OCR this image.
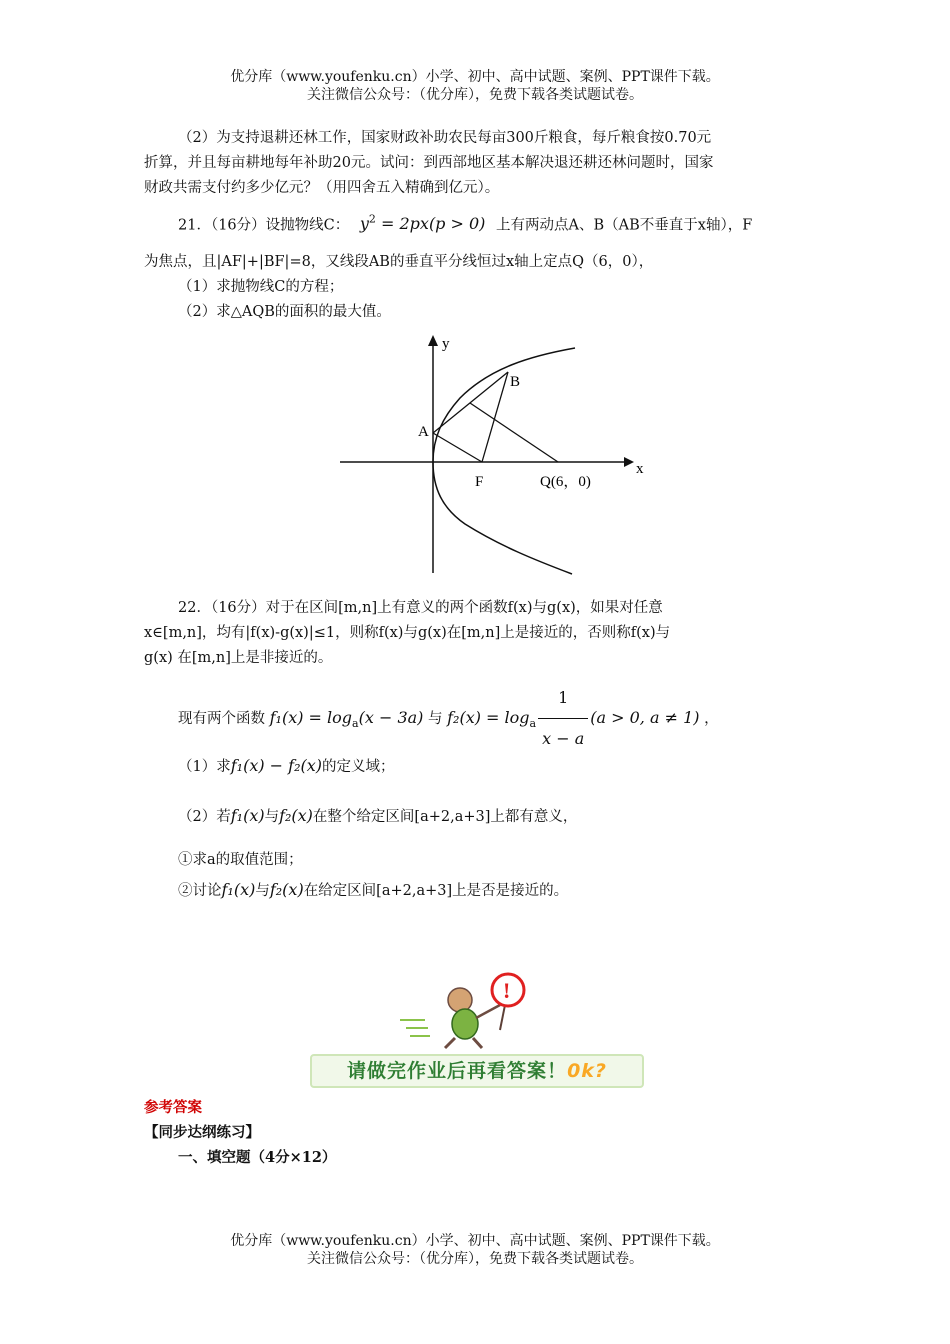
优分库（www.youfenku.cn）小学、初中、高中试题、案例、PPT课件下载。
关注微信公众号：（优分库），免费下载各类试题试卷。
（2）为支持退耕还林工作，国家财政补助农民每亩300斤粮食，每斤粮食按0.70元
折算，并且每亩耕地每年补助20元。试问：到西部地区基本解决退还耕还林问题时，国家
财政共需支付约多少亿元？（用四舍五入精确到亿元）。
21．（16分）设抛物线C： $y^2 = 2px(p > 0)$ 上有两动点A、B（AB不垂直于x轴），F
为焦点，且|AF|+|BF|=8，又线段AB的垂直平分线恒过x轴上定点Q（6，0），
（1）求抛物线C的方程；
（2）求△AQB的面积的最大值。
y
x
A
B
F	Q(6，0)
22．（16分）对于在区间[m,n]上有意义的两个函数f(x)与g(x)，如果对任意
x∈[m,n]，均有|f(x)-g(x)|≤1，则称f(x)与g(x)在[m,n]上是接近的，否则称f(x)与
g(x) 在[m,n]上是非接近的。
现有两个函数 $f_1(x) = \log_a(x - 3a)$ 与 $f_2(x) = \log_a \frac{1}{x - a} (a > 0$, a ≠ 1) ，
（1）求f₁(x) − f₂(x)的定义域；
（2）若f₁(x)与f₂(x)在整个给定区间[a+2,a+3]上都有意义，
①求a的取值范围；
②讨论f₁(x)与f₂(x)在给定区间[a+2,a+3]上是否是接近的。
!
请做完作业后再看答案！0k?
参考答案
【同步达纲练习】
一、填空题（4分×12）
优分库（www.youfenku.cn）小学、初中、高中试题、案例、PPT课件下载。
关注微信公众号：（优分库），免费下载各类试题试卷。
